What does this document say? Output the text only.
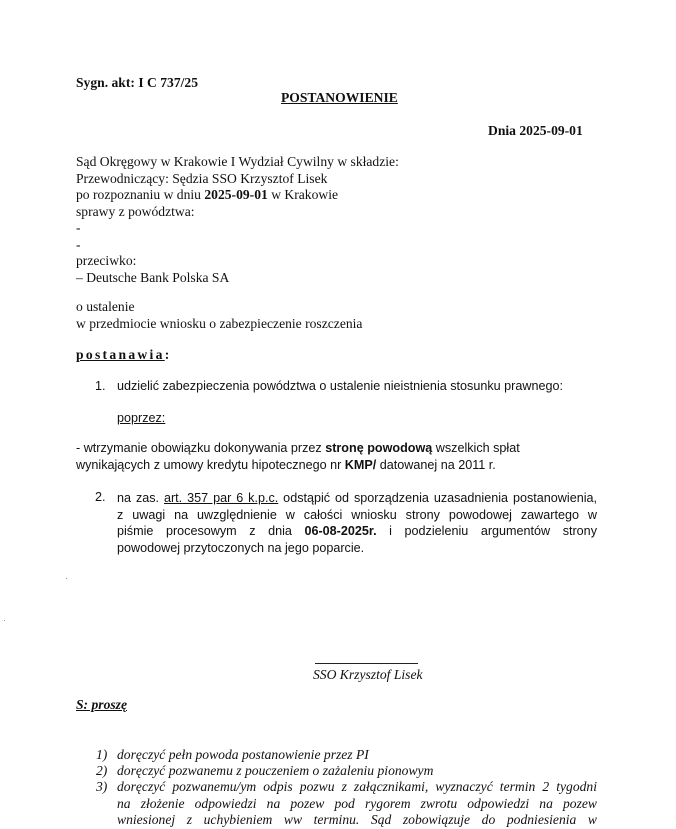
Sygn. akt: I C 737/25
POSTANOWIENIE
Dnia 2025-09-01
Sąd Okręgowy w Krakowie I Wydział Cywilny w składzie:
Przewodniczący: Sędzia SSO Krzysztof Lisek
po rozpoznaniu w dniu 2025-09-01 w Krakowie
sprawy z powództwa:
-
-
przeciwko:
– Deutsche Bank Polska SA
o ustalenie
w przedmiocie wniosku o zabezpieczenie roszczenia
postanawia:
1. udzielić zabezpieczenia powództwa o ustalenie nieistnienia stosunku prawnego:
poprzez:
- wtrzymanie obowiązku dokonywania przez stronę powodową wszelkich spłat
wynikających z umowy kredytu hipotecznego nr KMP/ datowanej na 2011 r.
2. na zas. art. 357 par 6 k.p.c. odstąpić od sporządzenia uzasadnienia postanowienia,
z uwagi na uwzględnienie w całości wniosku strony powodowej zawartego w
piśmie procesowym z dnia 06-08-2025r. i podzieleniu argumentów strony
powodowej przytoczonych na jego poparcie.
SSO Krzysztof Lisek
S: proszę
1) doręczyć pełn powoda postanowienie przez PI
2) doręczyć pozwanemu z pouczeniem o zażaleniu pionowym
3) doręczyć pozwanemu/ym odpis pozwu z załącznikami, wyznaczyć termin 2 tygodni
na złożenie odpowiedzi na pozew pod rygorem zwrotu odpowiedzi na pozew
wniesionej z uchybieniem ww terminu. Sąd zobowiązuje do podniesienia w
